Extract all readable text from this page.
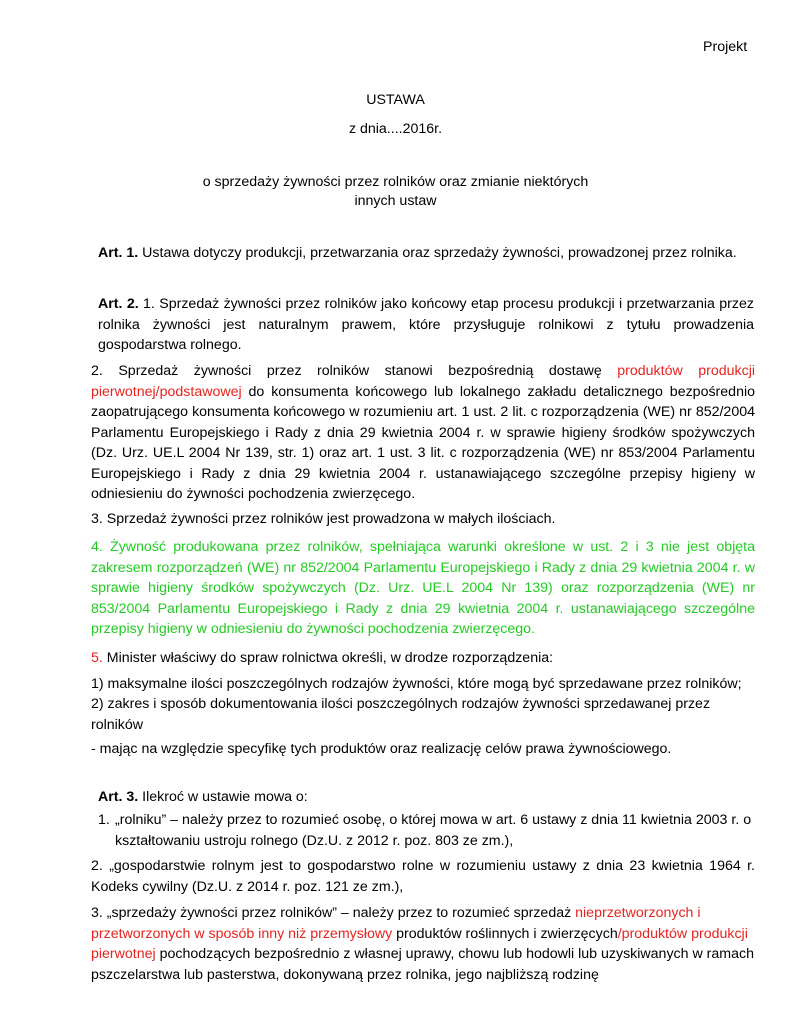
Projekt
USTAWA
z dnia....2016r.
o sprzedaży żywności przez rolników oraz zmianie niektórych
innych ustaw
Art. 1. Ustawa dotyczy produkcji, przetwarzania oraz sprzedaży żywności, prowadzonej przez rolnika.

Art. 2. 1. Sprzedaż żywności przez rolników jako końcowy etap procesu produkcji i przetwarzania przez rolnika żywności jest naturalnym prawem, które przysługuje rolnikowi z tytułu prowadzenia gospodarstwa rolnego.

2. Sprzedaż żywności przez rolników stanowi bezpośrednią dostawę produktów produkcji pierwotnej/podstawowej do konsumenta końcowego lub lokalnego zakładu detalicznego bezpośrednio zaopatrującego konsumenta końcowego w rozumieniu art. 1 ust. 2 lit. c rozporządzenia (WE) nr 852/2004 Parlamentu Europejskiego i Rady z dnia 29 kwietnia 2004 r. w sprawie higieny środków spożywczych (Dz. Urz. UE.L 2004 Nr 139, str. 1) oraz art. 1 ust. 3 lit. c rozporządzenia (WE) nr 853/2004 Parlamentu Europejskiego i Rady z dnia 29 kwietnia 2004 r. ustanawiającego szczególne przepisy higieny w odniesieniu do żywności pochodzenia zwierzęcego.

3. Sprzedaż żywności przez rolników jest prowadzona w małych ilościach.

4. Żywność produkowana przez rolników, spełniająca warunki określone w ust. 2 i 3 nie jest objęta zakresem rozporządzeń (WE) nr 852/2004 Parlamentu Europejskiego i Rady z dnia 29 kwietnia 2004 r. w sprawie higieny środków spożywczych (Dz. Urz. UE.L 2004 Nr 139) oraz rozporządzenia (WE) nr 853/2004 Parlamentu Europejskiego i Rady z dnia 29 kwietnia 2004 r. ustanawiającego szczególne przepisy higieny w odniesieniu do żywności pochodzenia zwierzęcego.

5. Minister właściwy do spraw rolnictwa określi, w drodze rozporządzenia:

1) maksymalne ilości poszczególnych rodzajów żywności, które mogą być sprzedawane przez rolników;

2) zakres i sposób dokumentowania ilości poszczególnych rodzajów żywności sprzedawanej przez rolników

- mając na względzie specyfikę tych produktów oraz realizację celów prawa żywnościowego.

Art. 3. Ilekroć w ustawie mowa o:
1. „rolniku” – należy przez to rozumieć osobę, o której mowa w art. 6 ustawy z dnia 11 kwietnia 2003 r. o kształtowaniu ustroju rolnego (Dz.U. z 2012 r. poz. 803 ze zm.),

2. „gospodarstwie rolnym jest to gospodarstwo rolne w rozumieniu ustawy z dnia 23 kwietnia 1964 r. Kodeks cywilny (Dz.U. z 2014 r. poz. 121 ze zm.),

3. „sprzedaży żywności przez rolników” – należy przez to rozumieć sprzedaż nieprzetworzonych i przetworzonych w sposób inny niż przemysłowy produktów roślinnych i zwierzęcych/produktów produkcji pierwotnej pochodzących bezpośrednio z własnej uprawy, chowu lub hodowli lub uzyskiwanych w ramach pszczelarstwa lub pasterstwa, dokonywaną przez rolnika, jego najbliższą rodzinę
